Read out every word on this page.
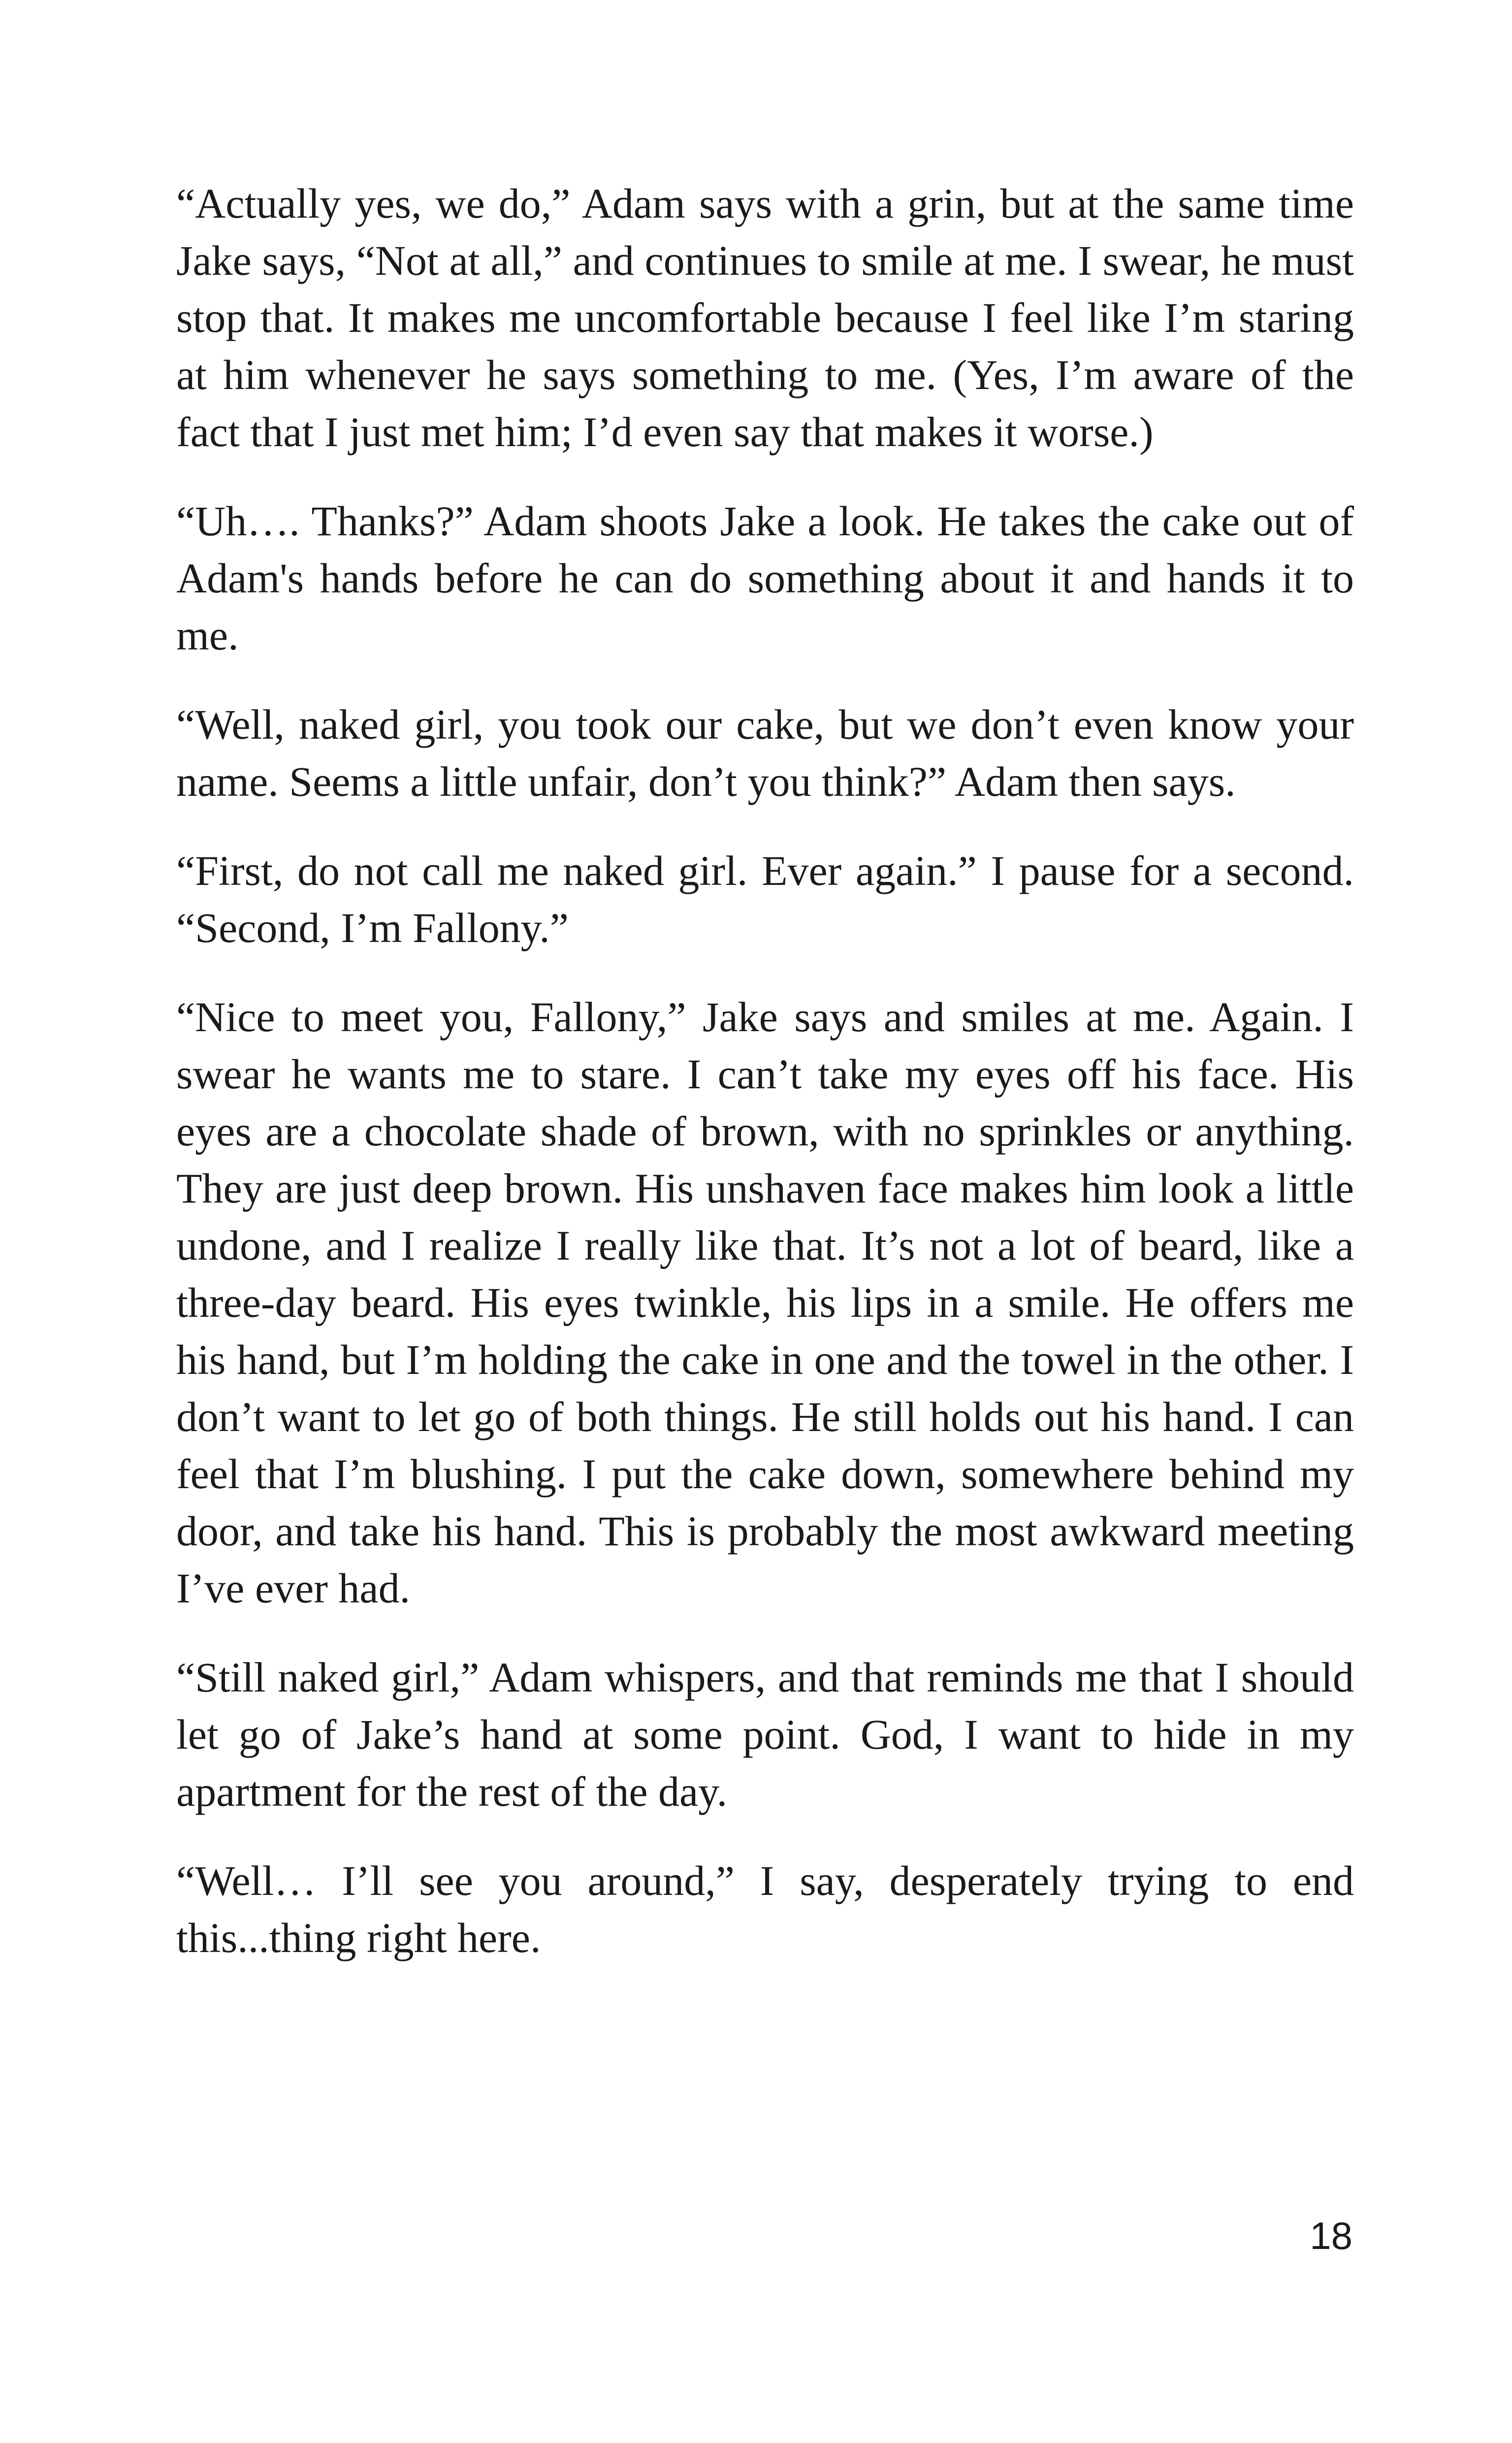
“Actually yes, we do,” Adam says with a grin, but at the same time Jake says, “Not at all,” and continues to smile at me. I swear, he must stop that. It makes me uncomfortable because I feel like I’m staring at him whenever he says something to me. (Yes, I’m aware of the fact that I just met him; I’d even say that makes it worse.)

“Uh…. Thanks?” Adam shoots Jake a look. He takes the cake out of Adam's hands before he can do something about it and hands it to me.

“Well, naked girl, you took our cake, but we don’t even know your name. Seems a little unfair, don’t you think?” Adam then says.

“First, do not call me naked girl. Ever again.” I pause for a second. “Second, I’m Fallony.”

“Nice to meet you, Fallony,” Jake says and smiles at me. Again. I swear he wants me to stare. I can’t take my eyes off his face. His eyes are a chocolate shade of brown, with no sprinkles or anything. They are just deep brown. His unshaven face makes him look a little undone, and I realize I really like that. It’s not a lot of beard, like a three-day beard. His eyes twinkle, his lips in a smile. He offers me his hand, but I’m holding the cake in one and the towel in the other. I don’t want to let go of both things. He still holds out his hand. I can feel that I’m blushing. I put the cake down, somewhere behind my door, and take his hand. This is probably the most awkward meeting I’ve ever had.

“Still naked girl,” Adam whispers, and that reminds me that I should let go of Jake’s hand at some point. God, I want to hide in my apartment for the rest of the day.

“Well… I’ll see you around,” I say, desperately trying to end this...thing right here.

18
